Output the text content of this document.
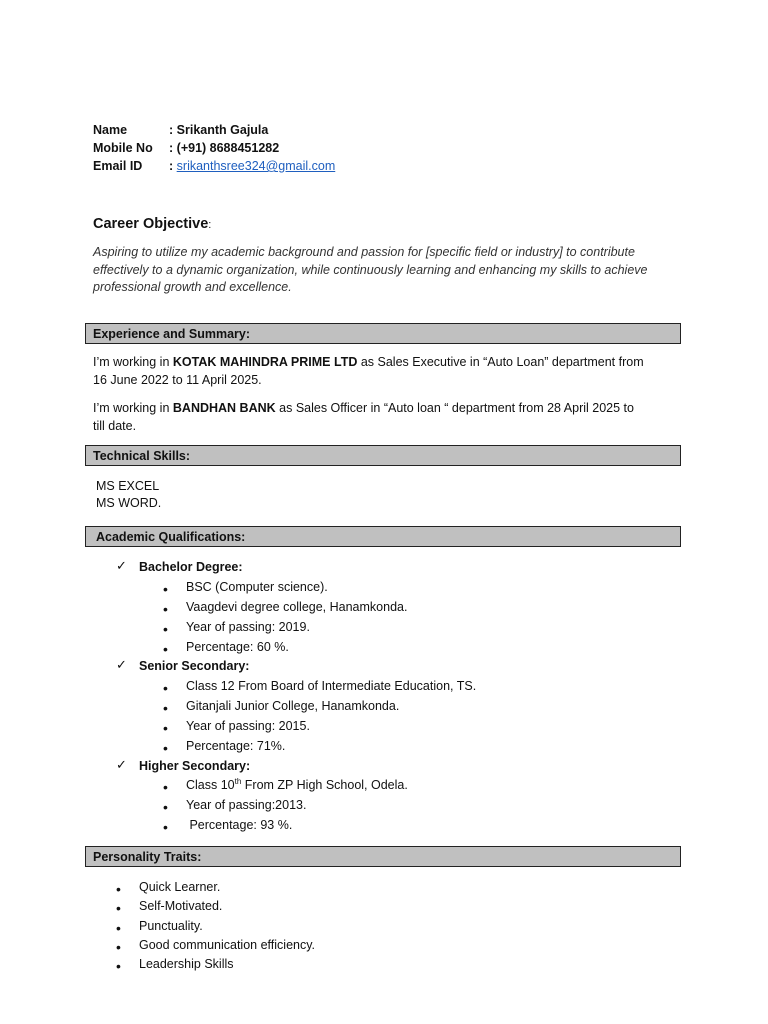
Name	: Srikanth Gajula
Mobile No : (+91) 8688451282
Email ID : srikanthsree324@gmail.com
Career Objective:
Aspiring to utilize my academic background and passion for [specific field or industry] to contribute
effectively to a dynamic organization, while continuously learning and enhancing my skills to achieve
professional growth and excellence.
Experience and Summary:
I’m working in KOTAK MAHINDRA PRIME LTD as Sales Executive in “Auto Loan” department from
16 June 2022 to 11 April 2025.
I’m working in BANDHAN BANK as Sales Officer in “Auto loan “ department from 28 April 2025 to
till date.
Technical Skills:
MS EXCEL
MS WORD.
Academic Qualifications:
✓ Bachelor Degree:
• BSC (Computer science).
• Vaagdevi degree college, Hanamkonda.
• Year of passing: 2019.
• Percentage: 60 %.
✓ Senior Secondary:
• Class 12 From Board of Intermediate Education, TS.
• Gitanjali Junior College, Hanamkonda.
• Year of passing: 2015.
• Percentage: 71%.
✓ Higher Secondary:
• Class 10th From ZP High School, Odela.
• Year of passing:2013.
• Percentage: 93 %.
Personality Traits:
• Quick Learner.
• Self-Motivated.
• Punctuality.
• Good communication efficiency.
• Leadership Skills
